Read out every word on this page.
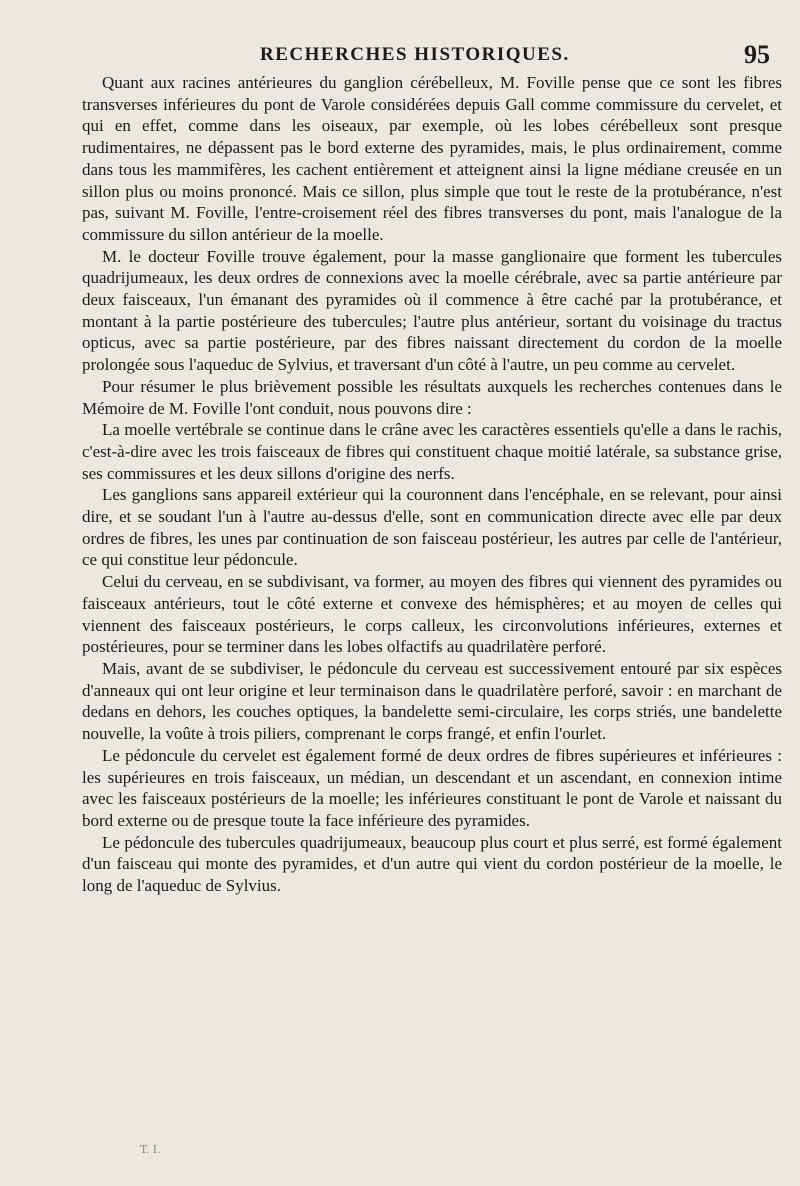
RECHERCHES HISTORIQUES.	95

Quant aux racines antérieures du ganglion cérébelleux, M. Foville pense que ce sont les fibres transverses inférieures du pont de Varole considérées depuis Gall comme commissure du cervelet, et qui en effet, comme dans les oiseaux, par exemple, où les lobes cérébelleux sont presque rudimentaires, ne dépassent pas le bord externe des pyramides, mais, le plus ordinairement, comme dans tous les mammifères, les cachent entièrement et atteignent ainsi la ligne médiane creusée en un sillon plus ou moins prononcé. Mais ce sillon, plus simple que tout le reste de la protubérance, n'est pas, suivant M. Foville, l'entre-croisement réel des fibres transverses du pont, mais l'analogue de la commissure du sillon antérieur de la moelle.

M. le docteur Foville trouve également, pour la masse ganglionaire que forment les tubercules quadrijumeaux, les deux ordres de connexions avec la moelle cérébrale, avec sa partie antérieure par deux faisceaux, l'un émanant des pyramides où il commence à être caché par la protubérance, et montant à la partie postérieure des tubercules; l'autre plus antérieur, sortant du voisinage du tractus opticus, avec sa partie postérieure, par des fibres naissant directement du cordon de la moelle prolongée sous l'aqueduc de Sylvius, et traversant d'un côté à l'autre, un peu comme au cervelet.

Pour résumer le plus brièvement possible les résultats auxquels les recherches contenues dans le Mémoire de M. Foville l'ont conduit, nous pouvons dire :

La moelle vertébrale se continue dans le crâne avec les caractères essentiels qu'elle a dans le rachis, c'est-à-dire avec les trois faisceaux de fibres qui constituent chaque moitié latérale, sa substance grise, ses commissures et les deux sillons d'origine des nerfs.

Les ganglions sans appareil extérieur qui la couronnent dans l'encéphale, en se relevant, pour ainsi dire, et se soudant l'un à l'autre au-dessus d'elle, sont en communication directe avec elle par deux ordres de fibres, les unes par continuation de son faisceau postérieur, les autres par celle de l'antérieur, ce qui constitue leur pédoncule.

Celui du cerveau, en se subdivisant, va former, au moyen des fibres qui viennent des pyramides ou faisceaux antérieurs, tout le côté externe et convexe des hémisphères; et au moyen de celles qui viennent des faisceaux postérieurs, le corps calleux, les circonvolutions inférieures, externes et postérieures, pour se terminer dans les lobes olfactifs au quadrilatère perforé.

Mais, avant de se subdiviser, le pédoncule du cerveau est successivement entouré par six espèces d'anneaux qui ont leur origine et leur terminaison dans le quadrilatère perforé, savoir : en marchant de dedans en dehors, les couches optiques, la bandelette semi-circulaire, les corps striés, une bandelette nouvelle, la voûte à trois piliers, comprenant le corps frangé, et enfin l'ourlet.

Le pédoncule du cervelet est également formé de deux ordres de fibres supérieures et inférieures : les supérieures en trois faisceaux, un médian, un descendant et un ascendant, en connexion intime avec les faisceaux postérieurs de la moelle; les inférieures constituant le pont de Varole et naissant du bord externe ou de presque toute la face inférieure des pyramides.

Le pédoncule des tubercules quadrijumeaux, beaucoup plus court et plus serré, est formé également d'un faisceau qui monte des pyramides, et d'un autre qui vient du cordon postérieur de la moelle, le long de l'aqueduc de Sylvius.

T. I.
